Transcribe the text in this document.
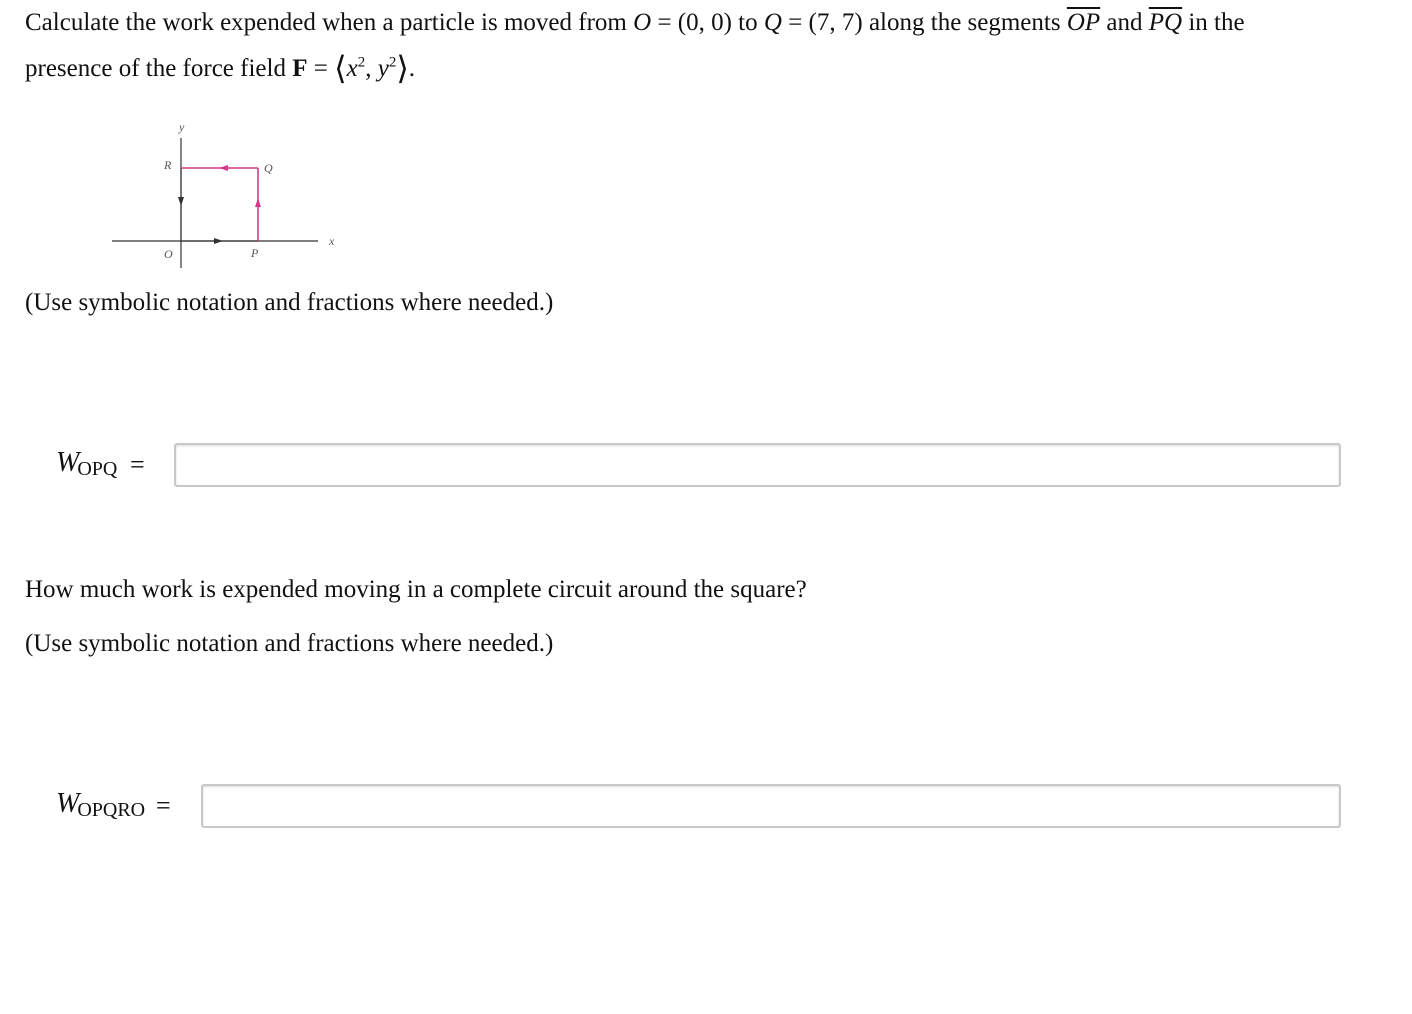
Calculate the work expended when a particle is moved from O = (0, 0) to Q = (7, 7) along the segments $\overline{OP}$ and $\overline{PQ}$ in the
presence of the force field $F = ⟨x^2$, $y^2⟩$.
y
x
R	Q
O	P
(Use symbolic notation and fractions where needed.)
$W_{OPQ}$ =
How much work is expended moving in a complete circuit around the square?
(Use symbolic notation and fractions where needed.)
$W_{OPQRO}$ =
